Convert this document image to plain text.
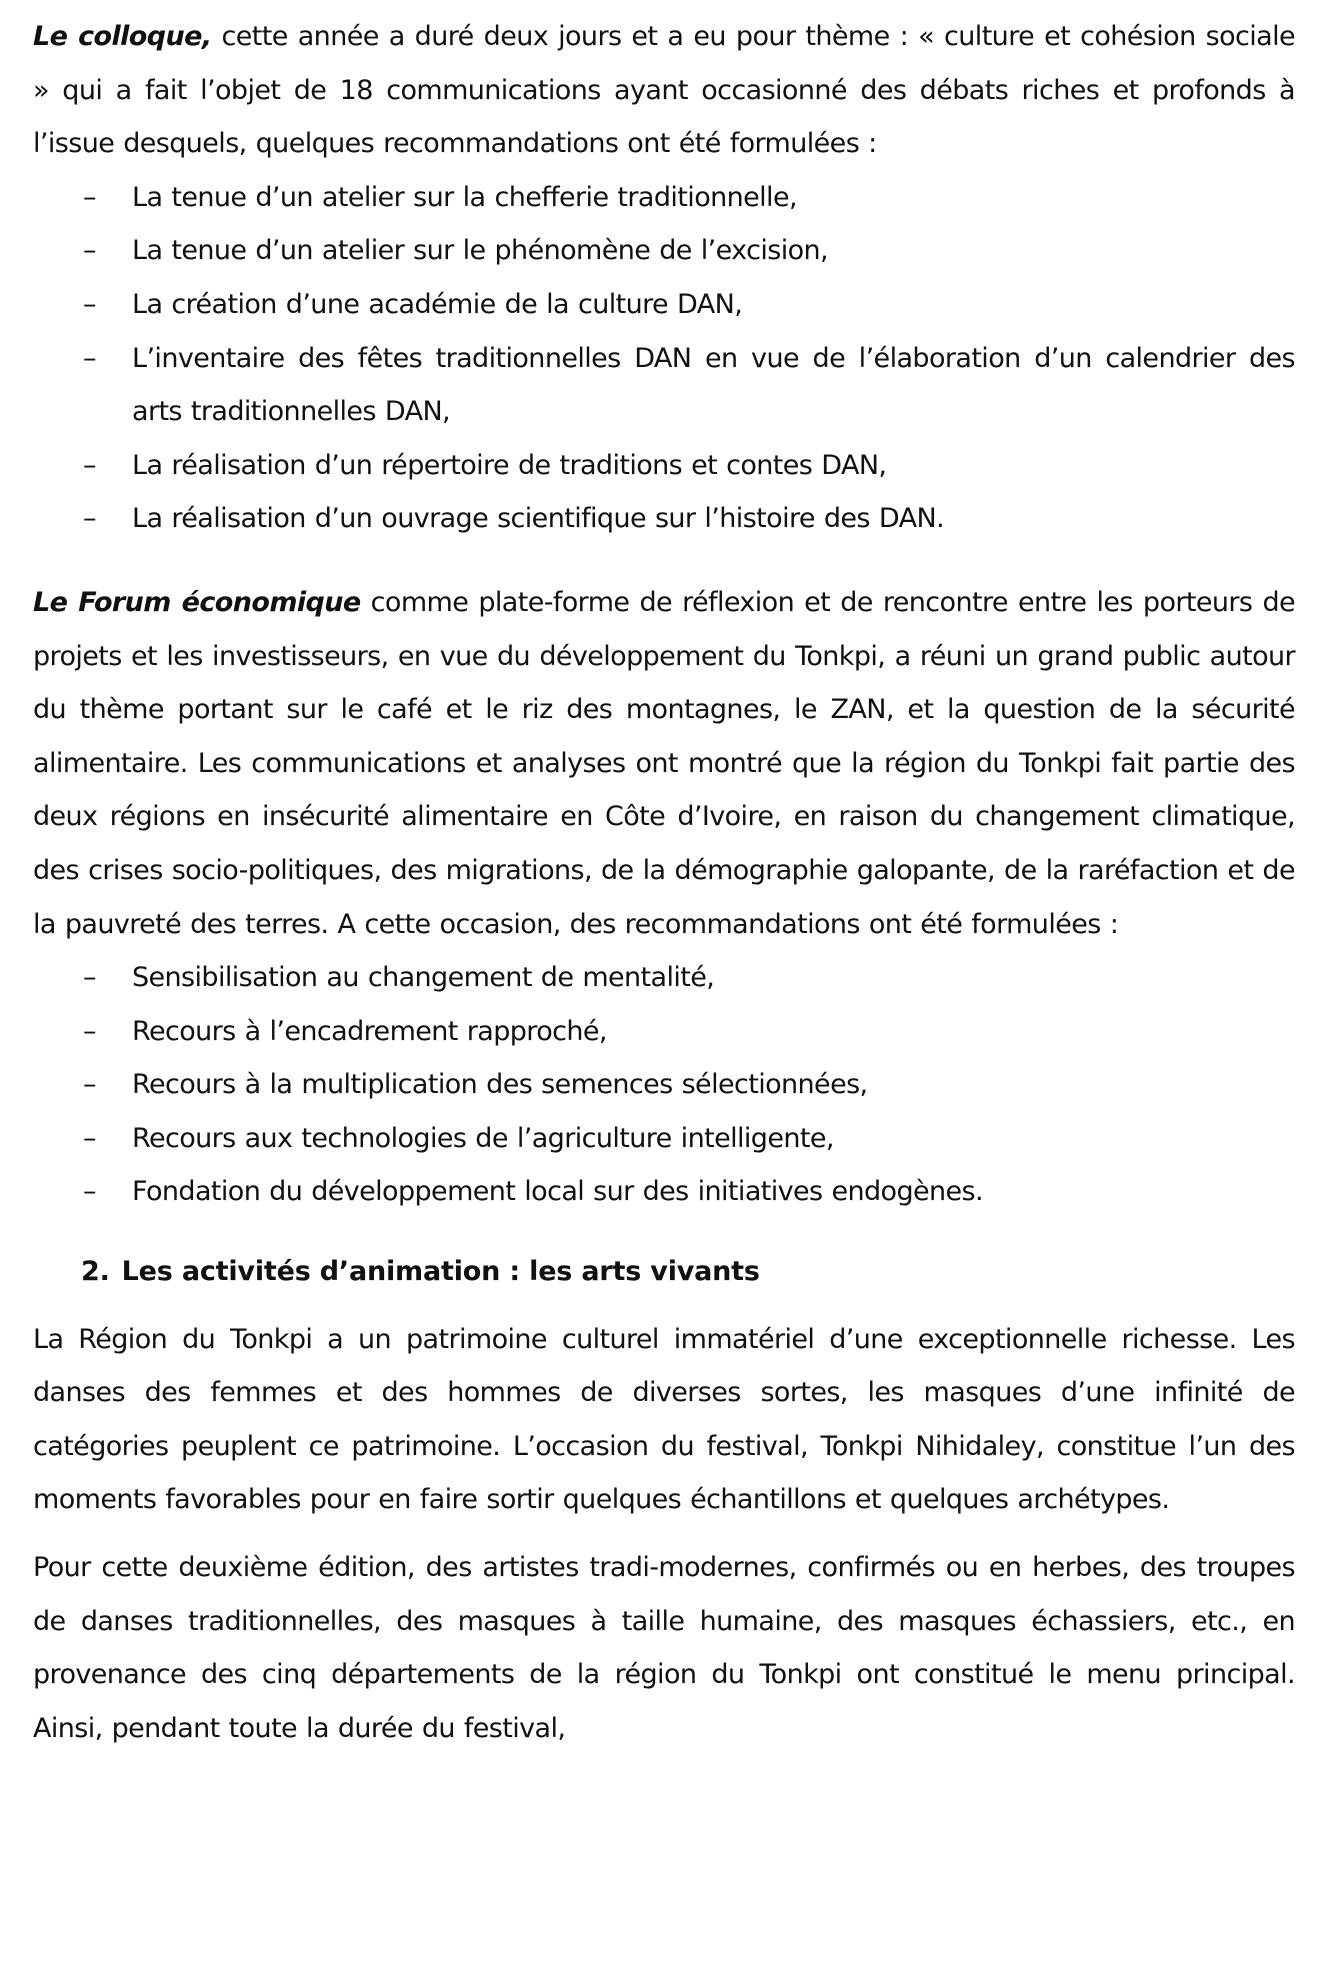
Le colloque, cette année a duré deux jours et a eu pour thème : « culture et cohésion sociale » qui a fait l’objet de 18 communications ayant occasionné des débats riches et profonds à l’issue desquels, quelques recommandations ont été formulées :

– La tenue d’un atelier sur la chefferie traditionnelle,
– La tenue d’un atelier sur le phénomène de l’excision,
– La création d’une académie de la culture DAN,
– L’inventaire des fêtes traditionnelles DAN en vue de l’élaboration d’un calendrier des arts traditionnelles DAN,
– La réalisation d’un répertoire de traditions et contes DAN,
– La réalisation d’un ouvrage scientifique sur l’histoire des DAN.

Le Forum économique comme plate-forme de réflexion et de rencontre entre les porteurs de projets et les investisseurs, en vue du développement du Tonkpi, a réuni un grand public autour du thème portant sur le café et le riz des montagnes, le ZAN, et la question de la sécurité alimentaire. Les communications et analyses ont montré que la région du Tonkpi fait partie des deux régions en insécurité alimentaire en Côte d’Ivoire, en raison du changement climatique, des crises socio-politiques, des migrations, de la démographie galopante, de la raréfaction et de la pauvreté des terres. A cette occasion, des recommandations ont été formulées :

– Sensibilisation au changement de mentalité,
– Recours à l’encadrement rapproché,
– Recours à la multiplication des semences sélectionnées,
– Recours aux technologies de l’agriculture intelligente,
– Fondation du développement local sur des initiatives endogènes.
2. Les activités d’animation : les arts vivants

La Région du Tonkpi a un patrimoine culturel immatériel d’une exceptionnelle richesse. Les danses des femmes et des hommes de diverses sortes, les masques d’une infinité de catégories peuplent ce patrimoine. L’occasion du festival, Tonkpi Nihidaley, constitue l’un des moments favorables pour en faire sortir quelques échantillons et quelques archétypes.

Pour cette deuxième édition, des artistes tradi-modernes, confirmés ou en herbes, des troupes de danses traditionnelles, des masques à taille humaine, des masques échassiers, etc., en provenance des cinq départements de la région du Tonkpi ont constitué le menu principal. Ainsi, pendant toute la durée du festival,
